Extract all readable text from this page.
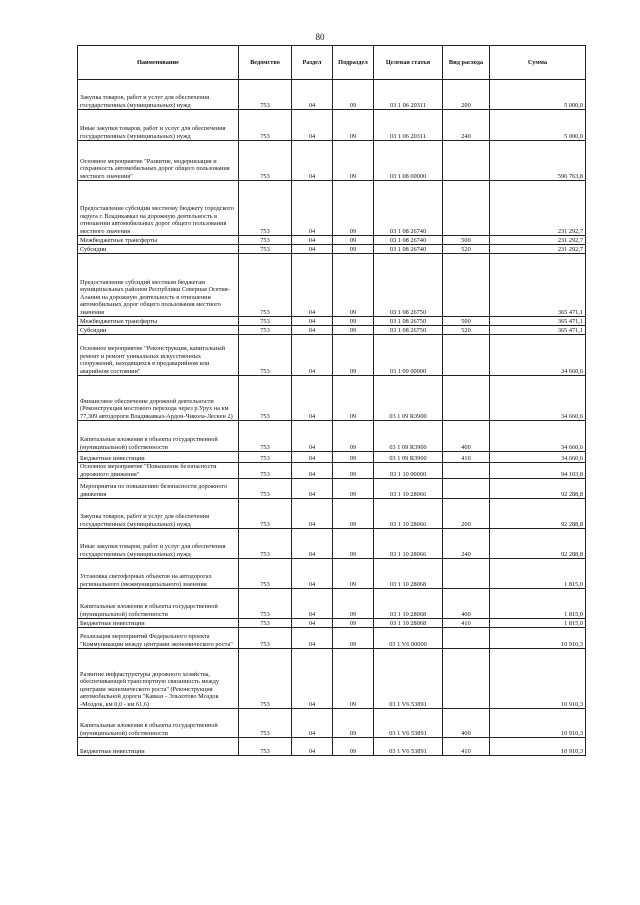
80
Наименование	Ведомство	Раздел	Подраздел	Целевая статья	Вид расхода	Сумма
Закупка товаров, работ и услуг для обеспечения государственных (муниципальных) нужд	753	04	09	03 1 06 20311	200	5 000,0
Иные закупки товаров, работ и услуг для обеспечения государственных (муниципальных) нужд	753	04	09	03 1 06 20311	240	5 000,0
Основное мероприятие "Развитие, модернизация и сохранность автомобильных дорог общего пользования местного значения"	753	04	09	03 1 08 00000		596 763,8
Предоставление субсидии местному бюджету городского округа г. Владикавказ на дорожную деятельность в отношении автомобильных дорог общего пользования местного значения	753	04	09	03 1 08 26740		231 292,7
Межбюджетные трансферты	753	04	09	03 1 08 26740	500	231 292,7
Субсидии	753	04	09	03 1 08 26740	520	231 292,7
Предоставление субсидий местным бюджетам муниципальных районов Республики Северная Осетия-Алания на дорожную деятельность в отношении автомобильных дорог общего пользования местного значения	753	04	09	03 1 08 26750		365 471,1
Межбюджетные трансферты	753	04	09	03 1 08 26750	500	365 471,1
Субсидии	753	04	09	03 1 08 26750	520	365 471,1
Основное мероприятие "Реконструкция, капитальный ремонт и ремонт уникальных искусственных сооружений, находящихся в предаварийном или аварийном состоянии"	753	04	09	03 1 09 00000		34 660,6
Финансовое обеспечение дорожной деятельности (Реконструкция мостового перехода через р.Урух на км 77,309 автодороги Владикавказ-Ардон-Чикола-Лескен 2)	753	04	09	03 1 09 R3900		34 660,6
Капитальные вложения в объекты государственной (муниципальной) собственности	753	04	09	03 1 09 R3900	400	34 660,6
Бюджетные инвестиции	753	04	09	03 1 09 R3900	410	34 660,6
Основное мероприятие "Повышение безопасности дорожного движения"	753	04	09	03 1 10 00000		94 103,8
Мероприятия по повышению безопасности дорожного движения	753	04	09	03 1 10 28066		92 288,8
Закупка товаров, работ и услуг для обеспечения государственных (муниципальных) нужд	753	04	09	03 1 10 28066	200	92 288,8
Иные закупки товаров, работ и услуг для обеспечения государственных (муниципальных) нужд	753	04	09	03 1 10 28066	240	92 288,8
Установка светофорных объектов на автодорогах регионального (межмуниципального) значения	753	04	09	03 1 10 28068		1 815,0
Капитальные вложения в объекты государственной (муниципальной) собственности	753	04	09	03 1 10 28068	400	1 815,0
Бюджетные инвестиции	753	04	09	03 1 10 28068	410	1 815,0
Реализация мероприятий Федерального проекта "Коммуникации между центрами экономического роста"	753	04	09	03 1 V6 00000		10 910,3
Развитие инфраструктуры дорожного хозяйства, обеспечивающей транспортную связанность между центрами экономического роста" (Реконструкция автомобильной дороги "Кавказ - Эльхотово Моздок -Моздок, км 0,0 - км 61,6)	753	04	09	03 1 V6 53891		10 910,3
Капитальные вложения в объекты государственной (муниципальной) собственности	753	04	09	03 1 V6 53891	400	10 910,3
Бюджетные инвестиции	753	04	09	03 1 V6 53891	410	10 910,3
